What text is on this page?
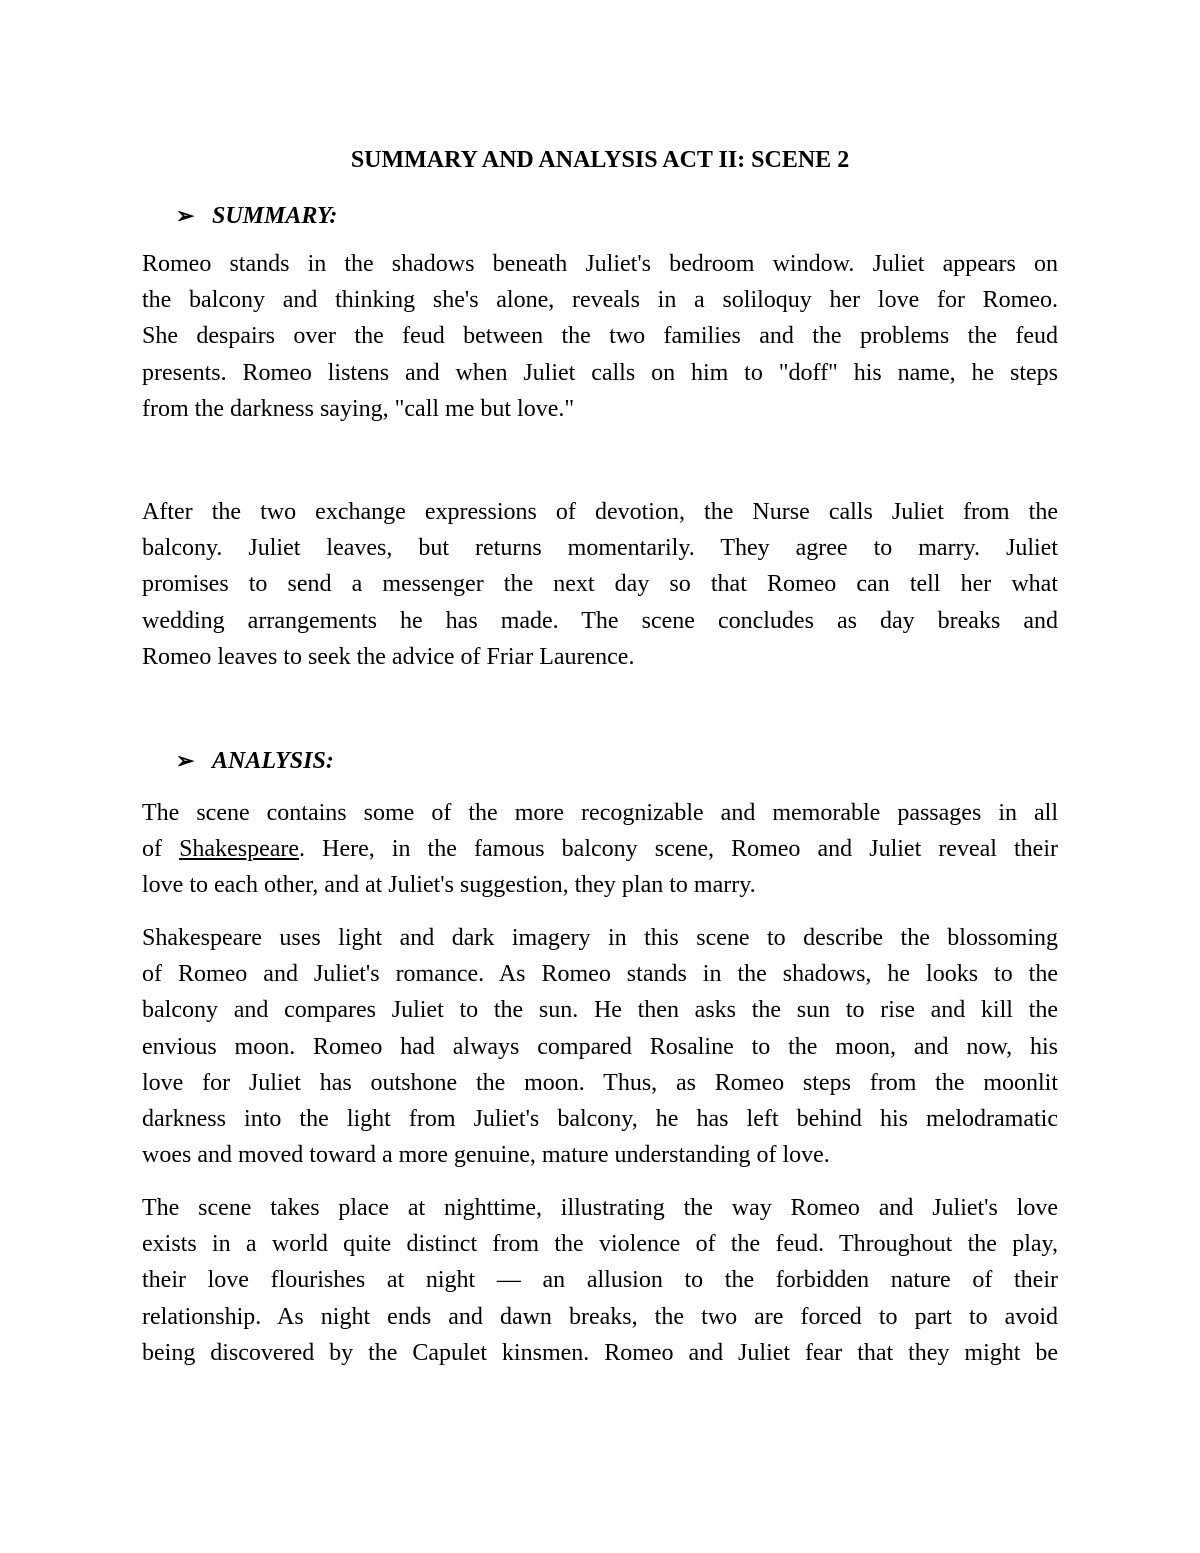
SUMMARY AND ANALYSIS ACT II: SCENE 2
➢ SUMMARY:
Romeo stands in the shadows beneath Juliet's bedroom window. Juliet appears on
the balcony and thinking she's alone, reveals in a soliloquy her love for Romeo.
She despairs over the feud between the two families and the problems the feud
presents. Romeo listens and when Juliet calls on him to "doff" his name, he steps
from the darkness saying, "call me but love."
After the two exchange expressions of devotion, the Nurse calls Juliet from the
balcony. Juliet leaves, but returns momentarily. They agree to marry. Juliet
promises to send a messenger the next day so that Romeo can tell her what
wedding arrangements he has made. The scene concludes as day breaks and
Romeo leaves to seek the advice of Friar Laurence.
➢ ANALYSIS:
The scene contains some of the more recognizable and memorable passages in all
of Shakespeare. Here, in the famous balcony scene, Romeo and Juliet reveal their
love to each other, and at Juliet's suggestion, they plan to marry.
Shakespeare uses light and dark imagery in this scene to describe the blossoming
of Romeo and Juliet's romance. As Romeo stands in the shadows, he looks to the
balcony and compares Juliet to the sun. He then asks the sun to rise and kill the
envious moon. Romeo had always compared Rosaline to the moon, and now, his
love for Juliet has outshone the moon. Thus, as Romeo steps from the moonlit
darkness into the light from Juliet's balcony, he has left behind his melodramatic
woes and moved toward a more genuine, mature understanding of love.
The scene takes place at nighttime, illustrating the way Romeo and Juliet's love
exists in a world quite distinct from the violence of the feud. Throughout the play,
their love flourishes at night — an allusion to the forbidden nature of their
relationship. As night ends and dawn breaks, the two are forced to part to avoid
being discovered by the Capulet kinsmen. Romeo and Juliet fear that they might be
